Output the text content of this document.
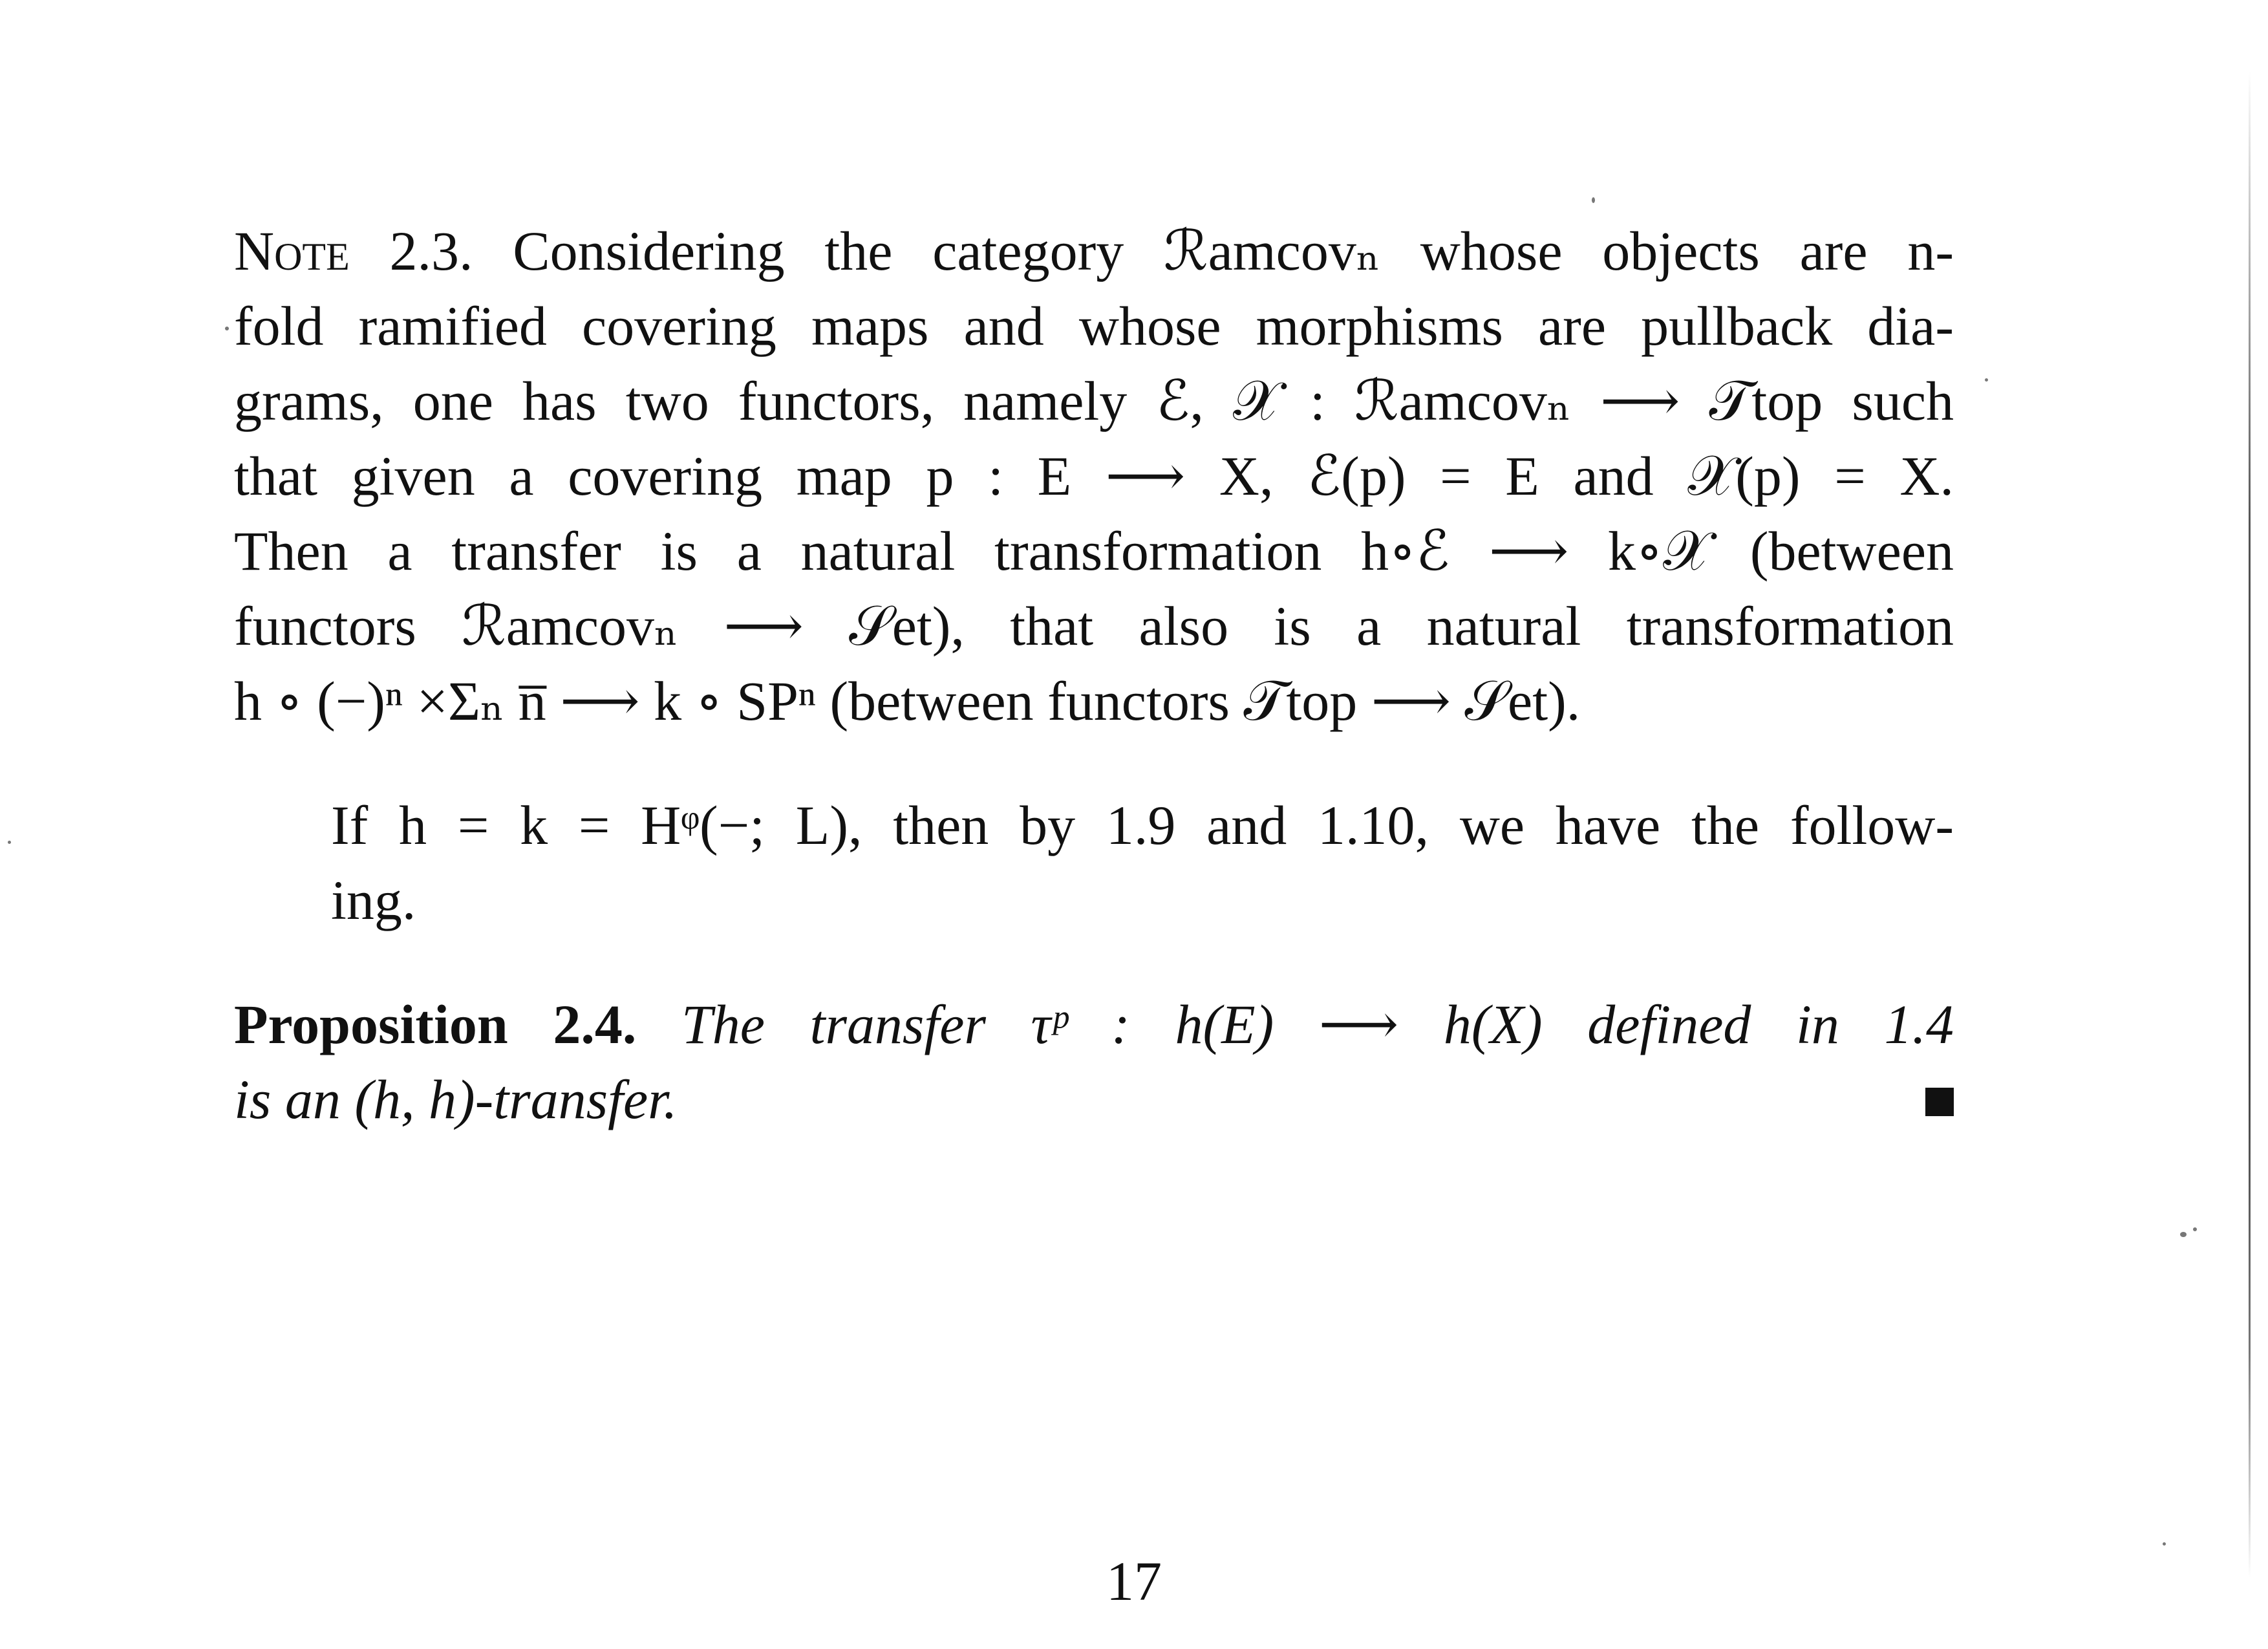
Note 2.3. Considering the category ℛamcovₙ whose objects are n-
fold ramified covering maps and whose morphisms are pullback dia-
grams, one has two functors, namely ℰ, 𝒳 : ℛamcovₙ ⟶ 𝒯top such
that given a covering map p : E ⟶ X, ℰ(p) = E and 𝒳(p) = X.
Then a transfer is a natural transformation h∘ℰ ⟶ k∘𝒳 (between
functors ℛamcovₙ ⟶ 𝒮et), that also is a natural transformation
h ∘ (−)ⁿ ×Σₙ n̅ ⟶ k ∘ SPⁿ (between functors 𝒯top ⟶ 𝒮et).
If h = k = Hᵠ(−; L), then by 1.9 and 1.10, we have the follow-
ing.
Proposition 2.4. The transfer τᵖ : h(E) ⟶ h(X) defined in 1.4
is an (h, h)-transfer.
17
